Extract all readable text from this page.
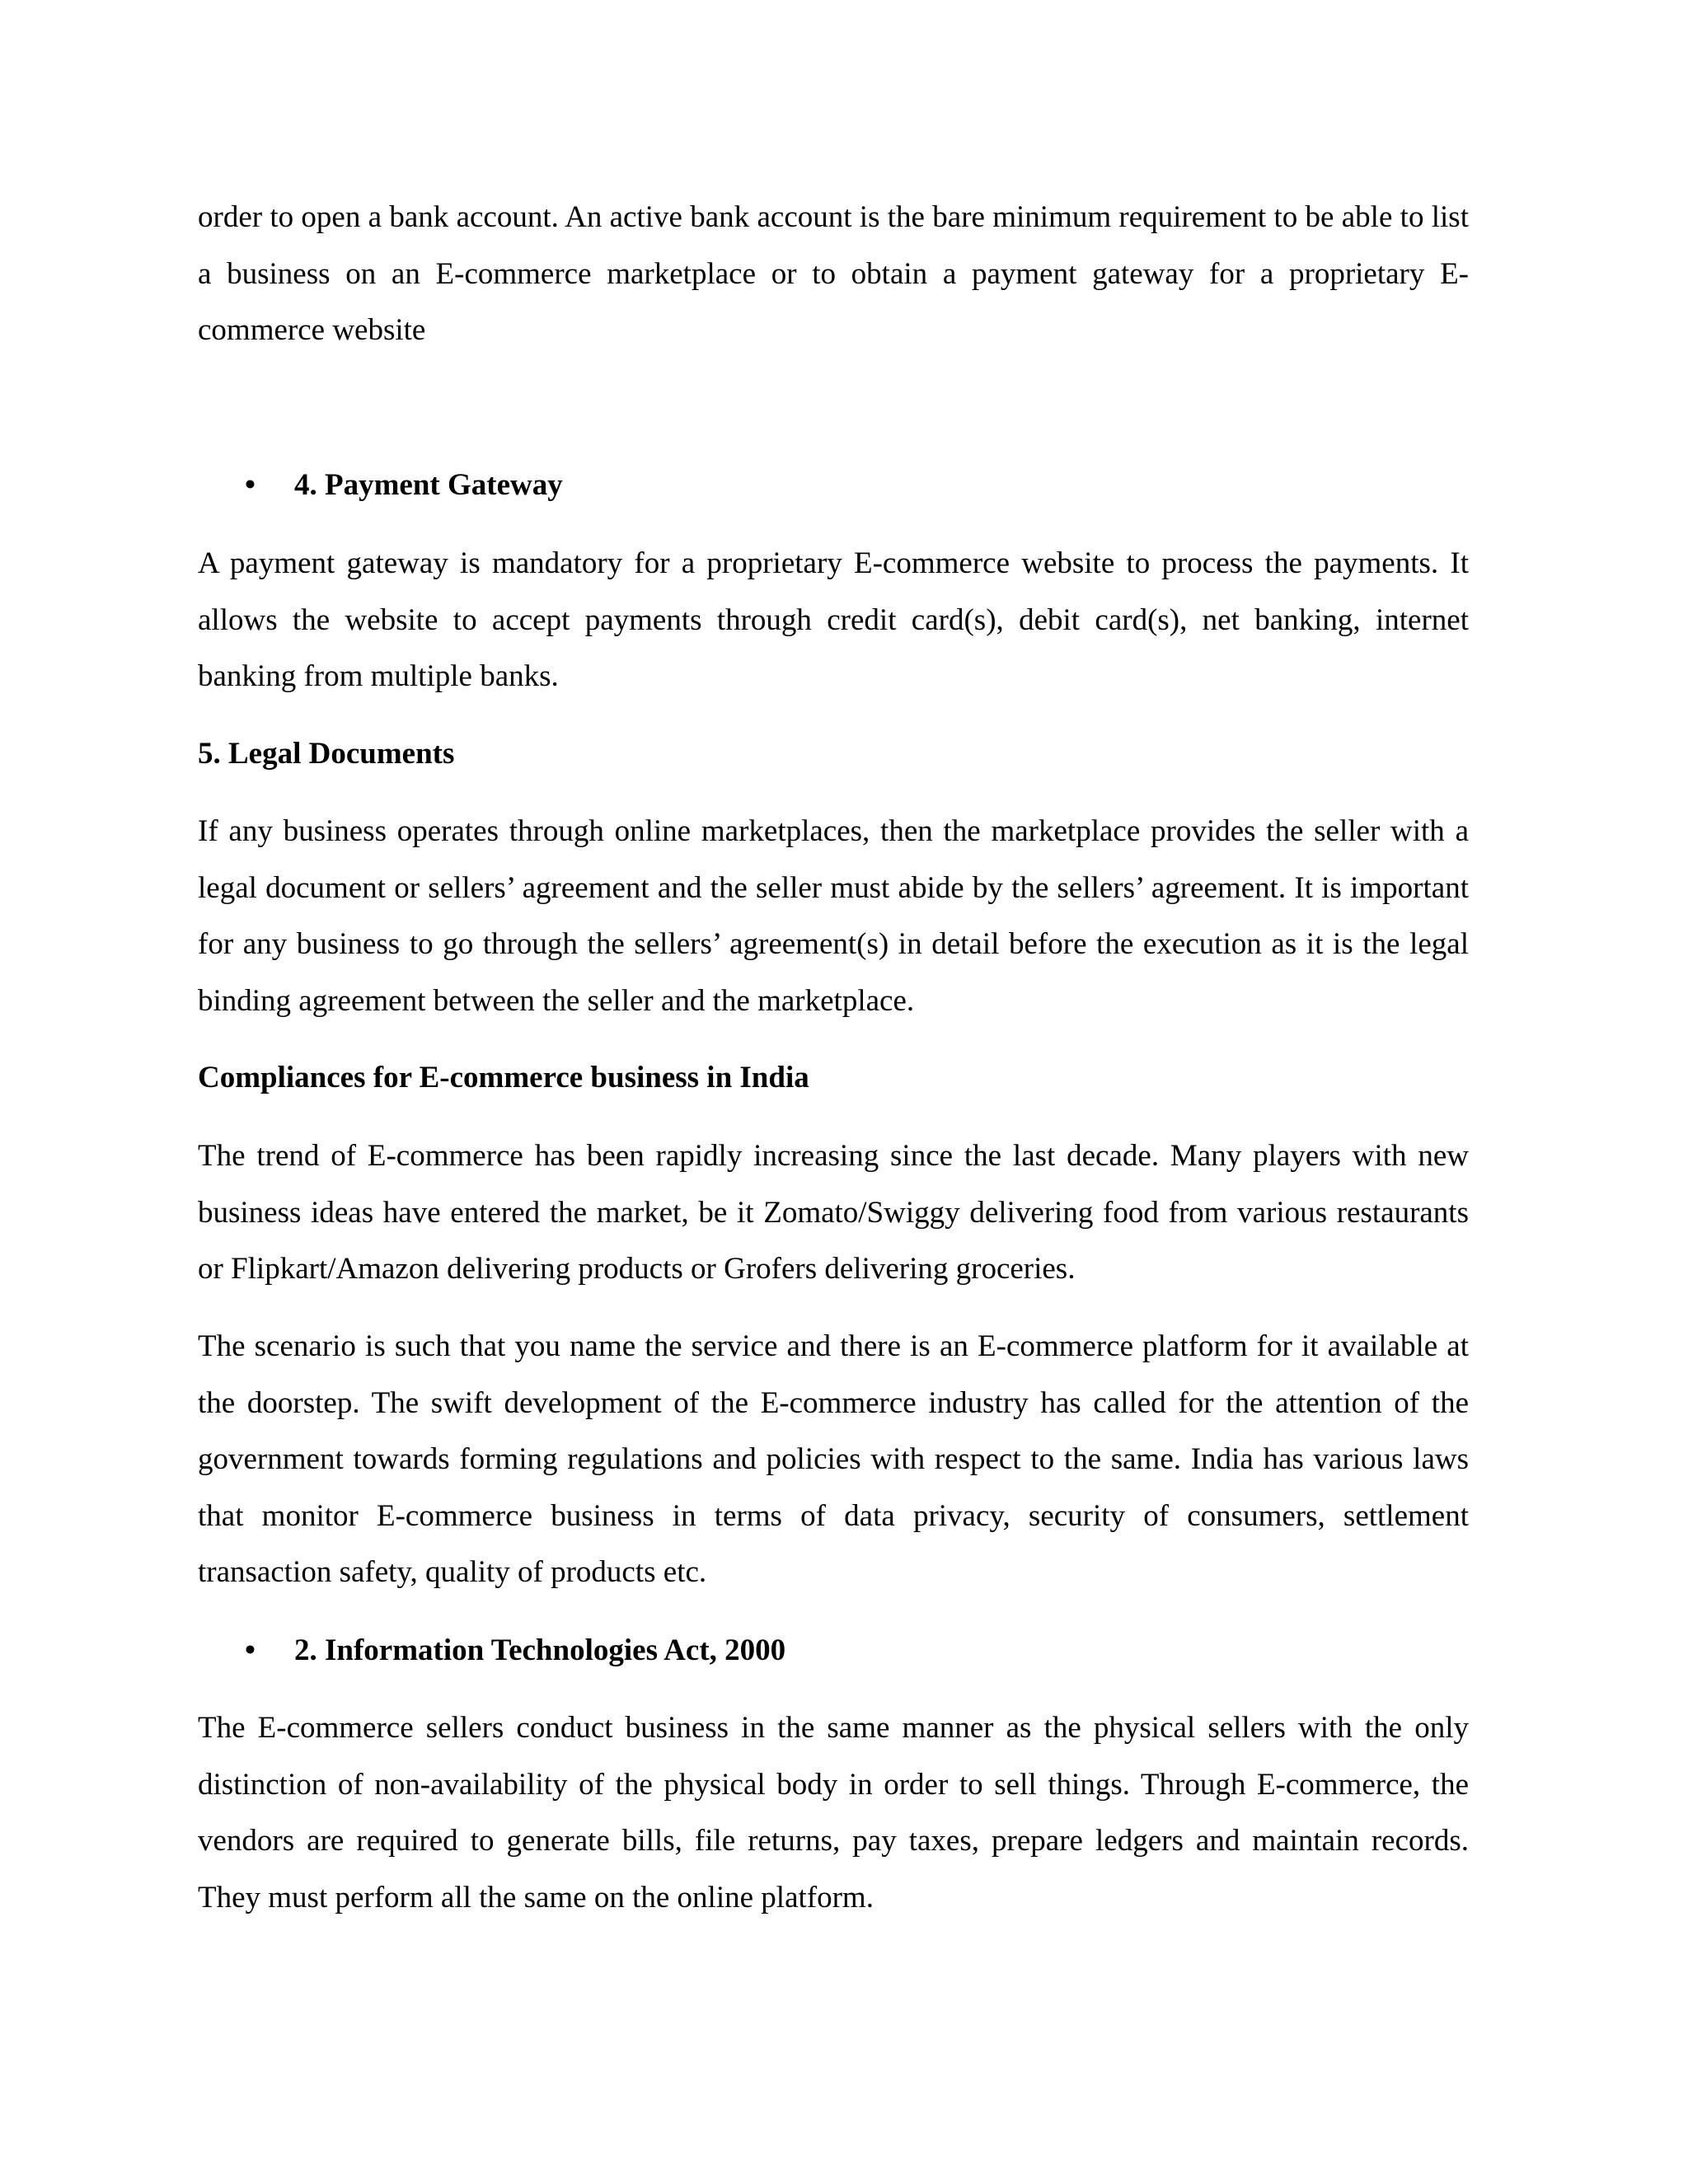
order to open a bank account. An active bank account is the bare minimum requirement to be able to list a business on an E-commerce marketplace or to obtain a payment gateway for a proprietary E-commerce website

• 4. Payment Gateway

A payment gateway is mandatory for a proprietary E-commerce website to process the payments. It allows the website to accept payments through credit card(s), debit card(s), net banking, internet banking from multiple banks.

5. Legal Documents

If any business operates through online marketplaces, then the marketplace provides the seller with a legal document or sellers’ agreement and the seller must abide by the sellers’ agreement. It is important for any business to go through the sellers’ agreement(s) in detail before the execution as it is the legal binding agreement between the seller and the marketplace.

Compliances for E-commerce business in India

The trend of E-commerce has been rapidly increasing since the last decade. Many players with new business ideas have entered the market, be it Zomato/Swiggy delivering food from various restaurants or Flipkart/Amazon delivering products or Grofers delivering groceries.

The scenario is such that you name the service and there is an E-commerce platform for it available at the doorstep. The swift development of the E-commerce industry has called for the attention of the government towards forming regulations and policies with respect to the same. India has various laws that monitor E-commerce business in terms of data privacy, security of consumers, settlement transaction safety, quality of products etc.

• 2. Information Technologies Act, 2000

The E-commerce sellers conduct business in the same manner as the physical sellers with the only distinction of non-availability of the physical body in order to sell things. Through E-commerce, the vendors are required to generate bills, file returns, pay taxes, prepare ledgers and maintain records. They must perform all the same on the online platform.
